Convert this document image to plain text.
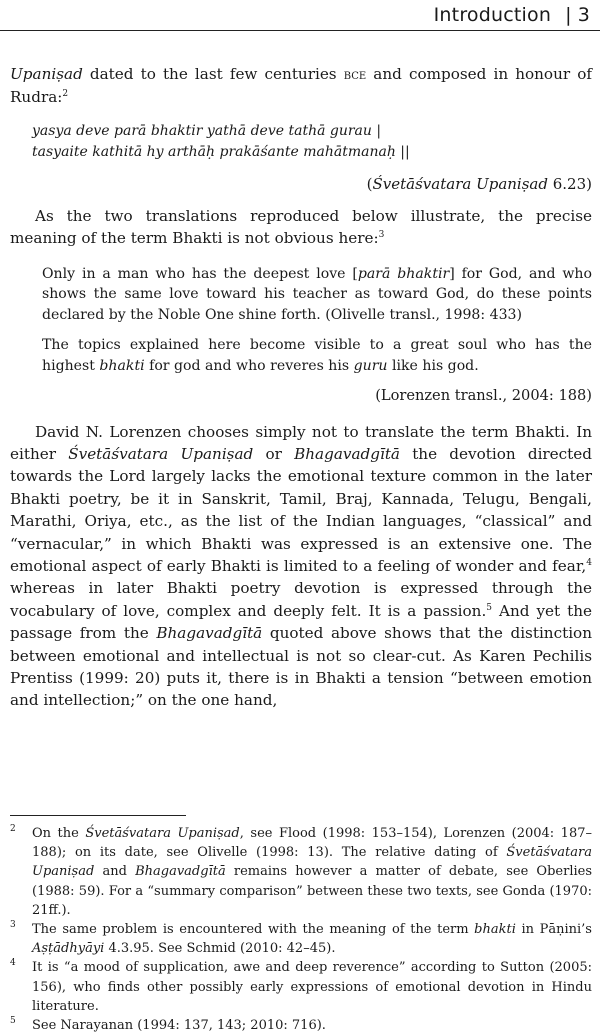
Introduction | 3

Upaniṣad dated to the last few centuries bce and composed in honour of Rudra:$^2$

yasya deve parā bhaktir yathā deve tathā gurau |
tasyaite kathitā hy arthāḥ prakāśante mahātmanaḥ ||

(Śvetāśvatara Upaniṣad 6.23)

As the two translations reproduced below illustrate, the precise meaning of the term Bhakti is not obvious here:$^3$

Only in a man who has the deepest love [parā bhaktir] for God, and who shows the same love toward his teacher as toward God, do these points declared by the Noble One shine forth. (Olivelle transl., 1998: 433)

The topics explained here become visible to a great soul who has the highest bhakti for god and who reveres his guru like his god.

(Lorenzen transl., 2004: 188)

David N. Lorenzen chooses simply not to translate the term Bhakti. In either Śvetāśvatara Upaniṣad or Bhagavadgītā the devotion directed towards the Lord largely lacks the emotional texture common in the later Bhakti poetry, be it in Sanskrit, Tamil, Braj, Kannada, Telugu, Bengali, Marathi, Oriya, etc., as the list of the Indian languages, “classical” and “vernacular,” in which Bhakti was expressed is an extensive one. The emotional aspect of early Bhakti is limited to a feeling of wonder and fear,$^4$ whereas in later Bhakti poetry devotion is expressed through the vocabulary of love, complex and deeply felt. It is a passion.$^5$ And yet the passage from the Bhagavadgītā quoted above shows that the distinction between emotional and intellectual is not so clear-cut. As Karen Pechilis Prentiss (1999: 20) puts it, there is in Bhakti a tension “between emotion and intellection;” on the one hand,

2 On the Śvetāśvatara Upaniṣad, see Flood (1998: 153–154), Lorenzen (2004: 187–188); on its date, see Olivelle (1998: 13). The relative dating of Śvetāśvatara Upaniṣad and Bhagavadgītā remains however a matter of debate, see Oberlies (1988: 59). For a “summary comparison” between these two texts, see Gonda (1970: 21ff.).
3 The same problem is encountered with the meaning of the term bhakti in Pāṇini’s Aṣṭādhyāyi 4.3.95. See Schmid (2010: 42–45).
4 It is “a mood of supplication, awe and deep reverence” according to Sutton (2005: 156), who finds other possibly early expressions of emotional devotion in Hindu literature.
5 See Narayanan (1994: 137, 143; 2010: 716).
